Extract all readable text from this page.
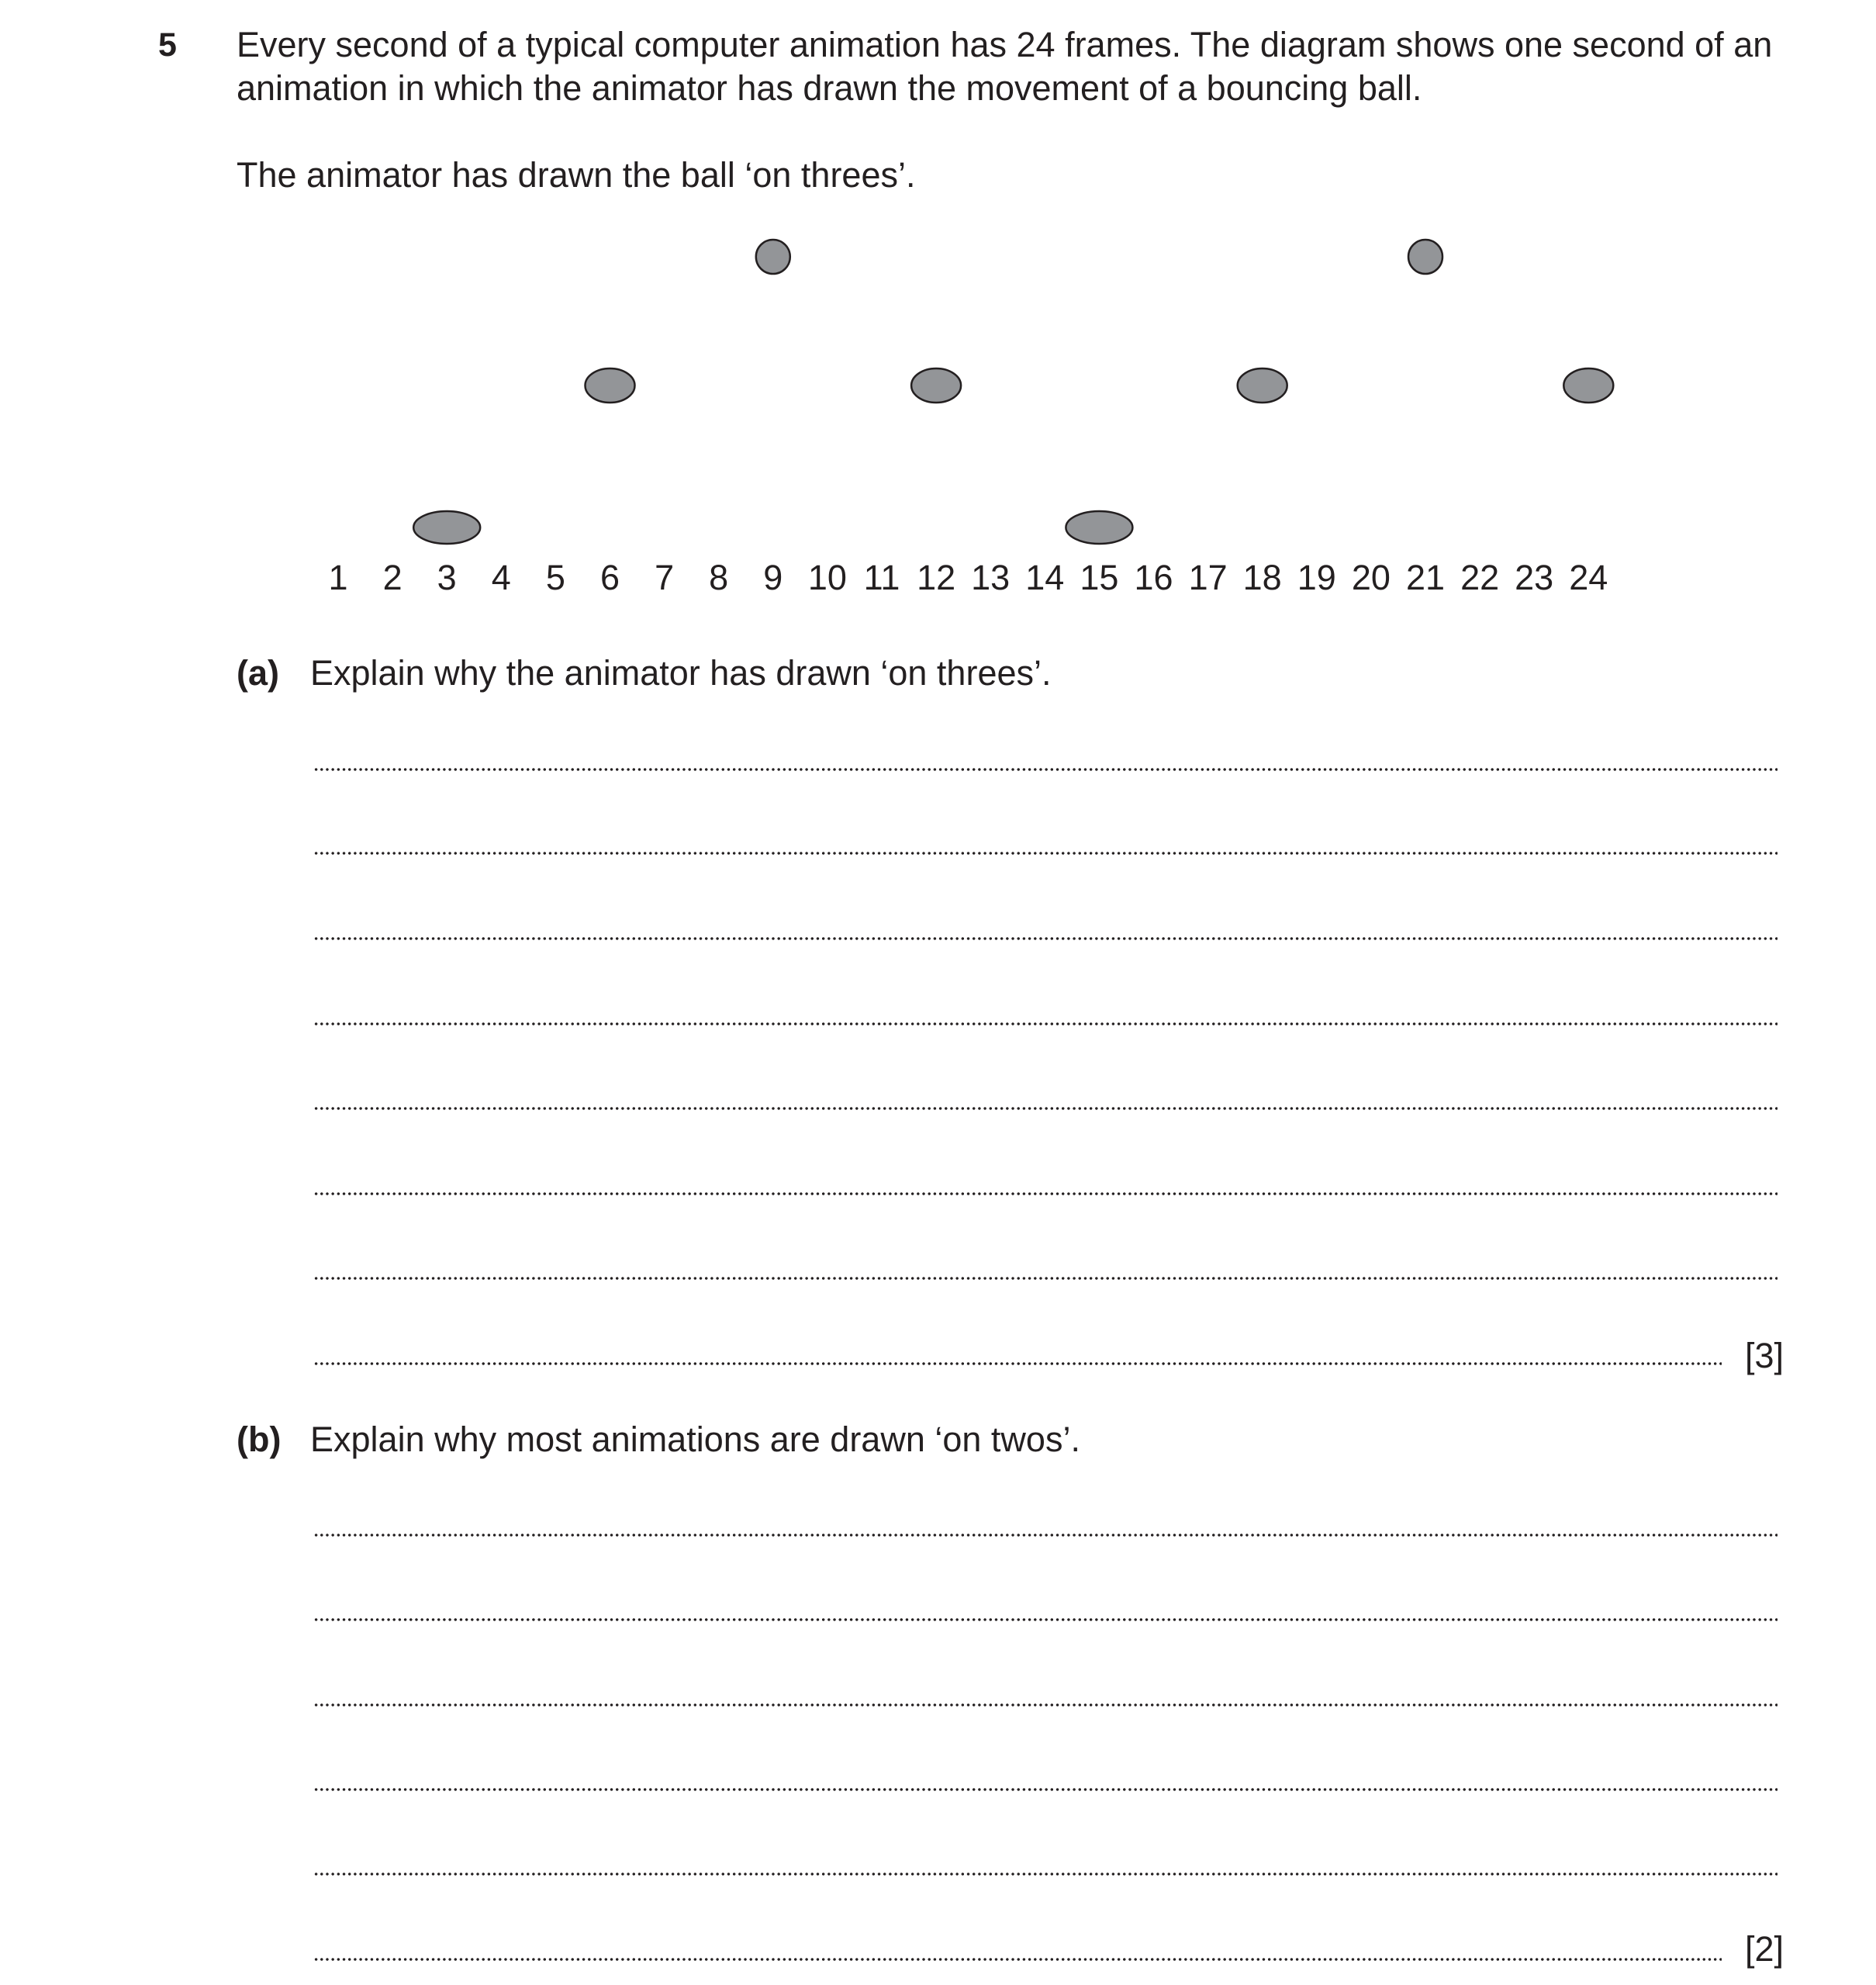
5 Every second of a typical computer animation has 24 frames. The diagram shows one second of an animation in which the animator has drawn the movement of a bouncing ball.
The animator has drawn the ball ‘on threes’.
1 2 3 4 5 6 7 8 9 10 11 12 13 14 15 16 17 18 19 20 21 22 23 24
(a) Explain why the animator has drawn ‘on threes’.
[3]
(b) Explain why most animations are drawn ‘on twos’.
[2]
